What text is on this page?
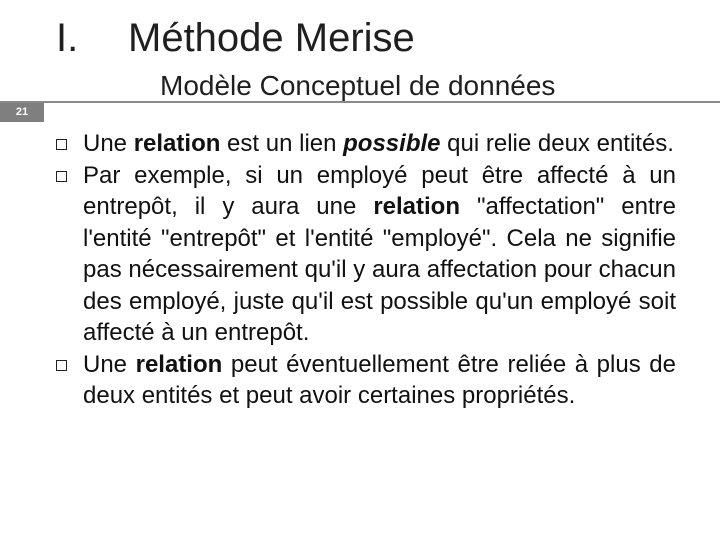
I. Méthode Merise
Modèle Conceptuel de données
21
Une relation est un lien possible qui relie deux entités.
Par exemple, si un employé peut être affecté à un entrepôt, il y aura une relation "affectation" entre l'entité "entrepôt" et l'entité "employé". Cela ne signifie pas nécessairement qu'il y aura affectation pour chacun des employé, juste qu'il est possible qu'un employé soit affecté à un entrepôt.
Une relation peut éventuellement être reliée à plus de deux entités et peut avoir certaines propriétés.
